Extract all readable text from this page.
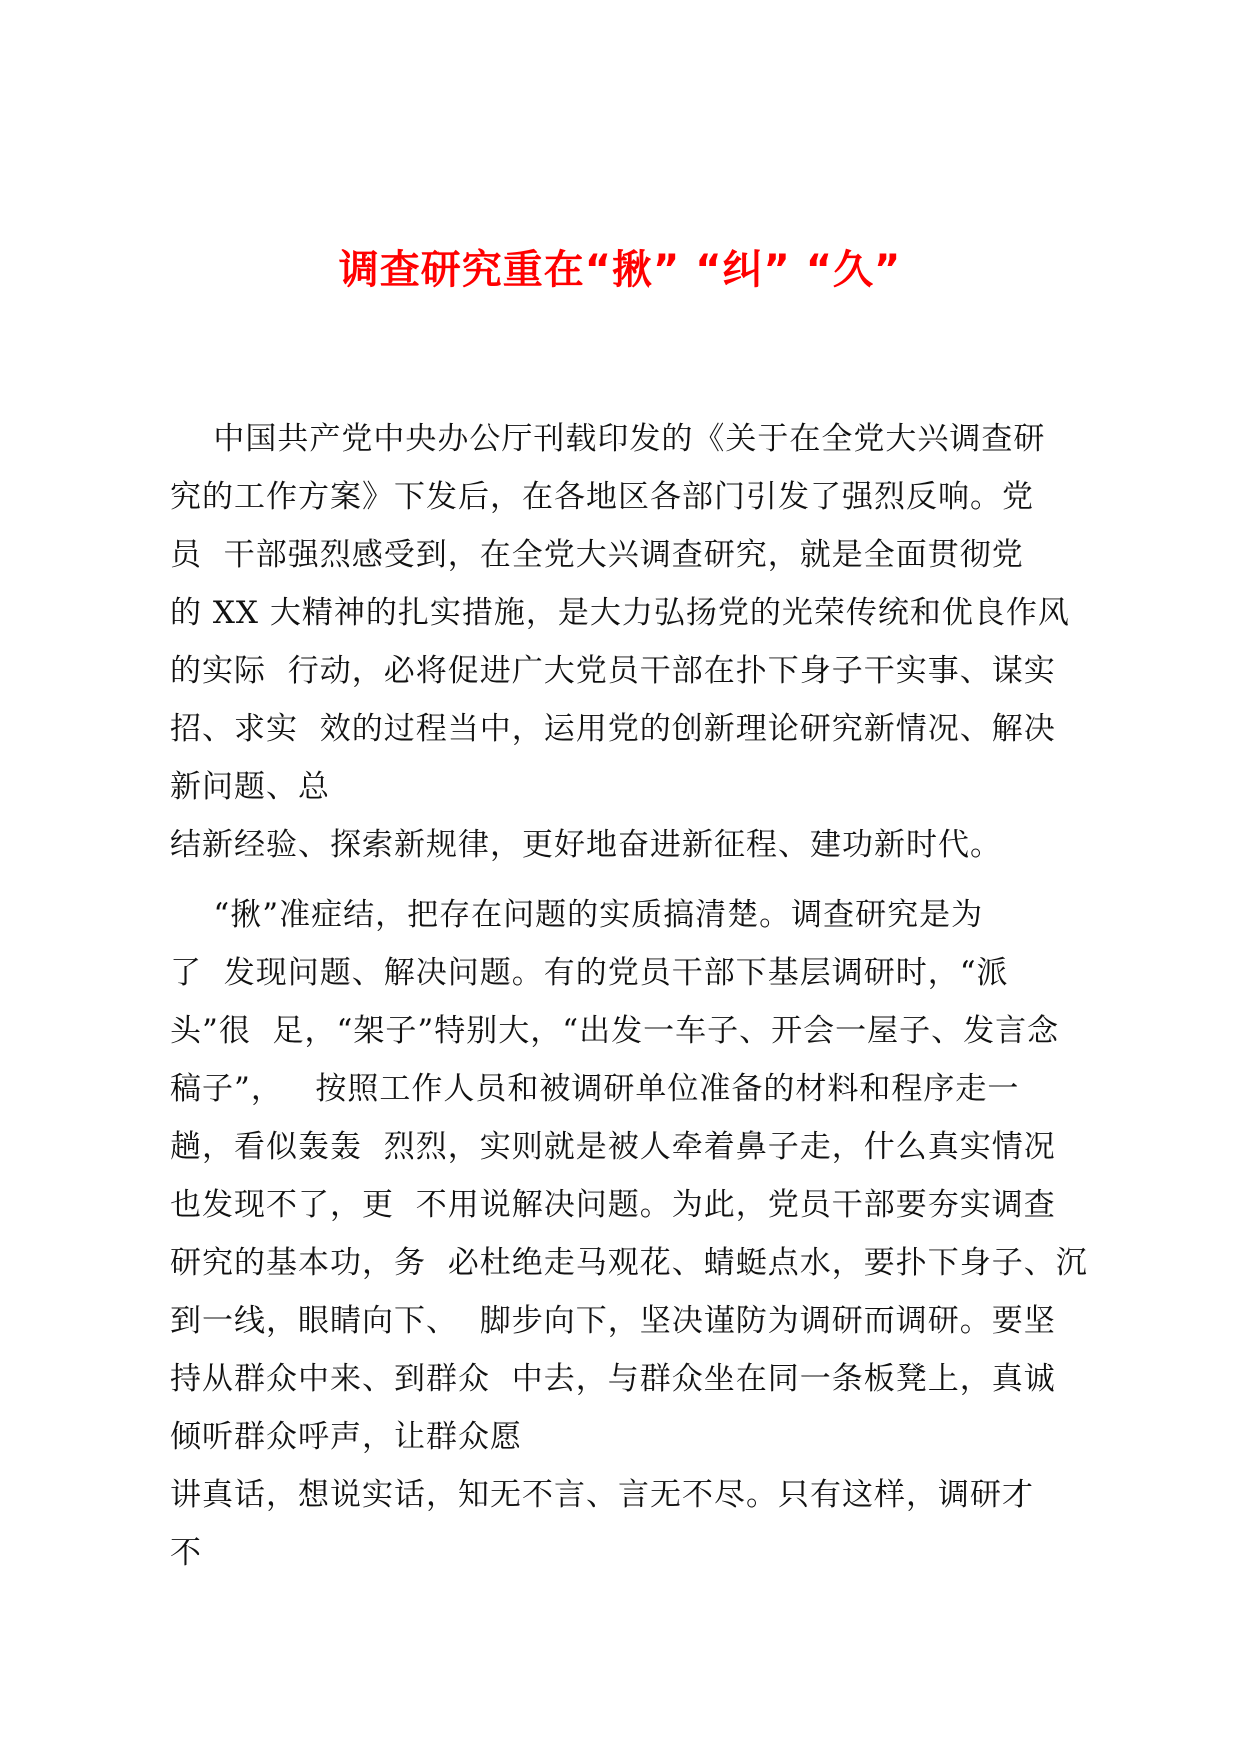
调查研究重在“揪” “纠” “久”
中国共产党中央办公厅刊载印发的《关于在全党大兴调查研
究的工作方案》下发后，在各地区各部门引发了强烈反响。党
员  干部强烈感受到，在全党大兴调查研究，就是全面贯彻党
的 XX 大精神的扎实措施，是大力弘扬党的光荣传统和优良作风
的实际  行动，必将促进广大党员干部在扑下身子干实事、谋实
招、求实  效的过程当中，运用党的创新理论研究新情况、解决
新问题、总
结新经验、探索新规律，更好地奋进新征程、建功新时代。
“揪”准症结，把存在问题的实质搞清楚。调查研究是为
了  发现问题、解决问题。有的党员干部下基层调研时，“派
头”很  足，“架子”特别大，“出发一车子、开会一屋子、发言念
稿子”，   按照工作人员和被调研单位准备的材料和程序走一
趟，看似轰轰  烈烈，实则就是被人牵着鼻子走，什么真实情况
也发现不了，更  不用说解决问题。为此，党员干部要夯实调查
研究的基本功，务  必杜绝走马观花、蜻蜓点水，要扑下身子、沉
到一线，眼睛向下、  脚步向下，坚决谨防为调研而调研。要坚
持从群众中来、到群众  中去，与群众坐在同一条板凳上，真诚
倾听群众呼声，让群众愿
讲真话，想说实话，知无不言、言无不尽。只有这样，调研才
不
